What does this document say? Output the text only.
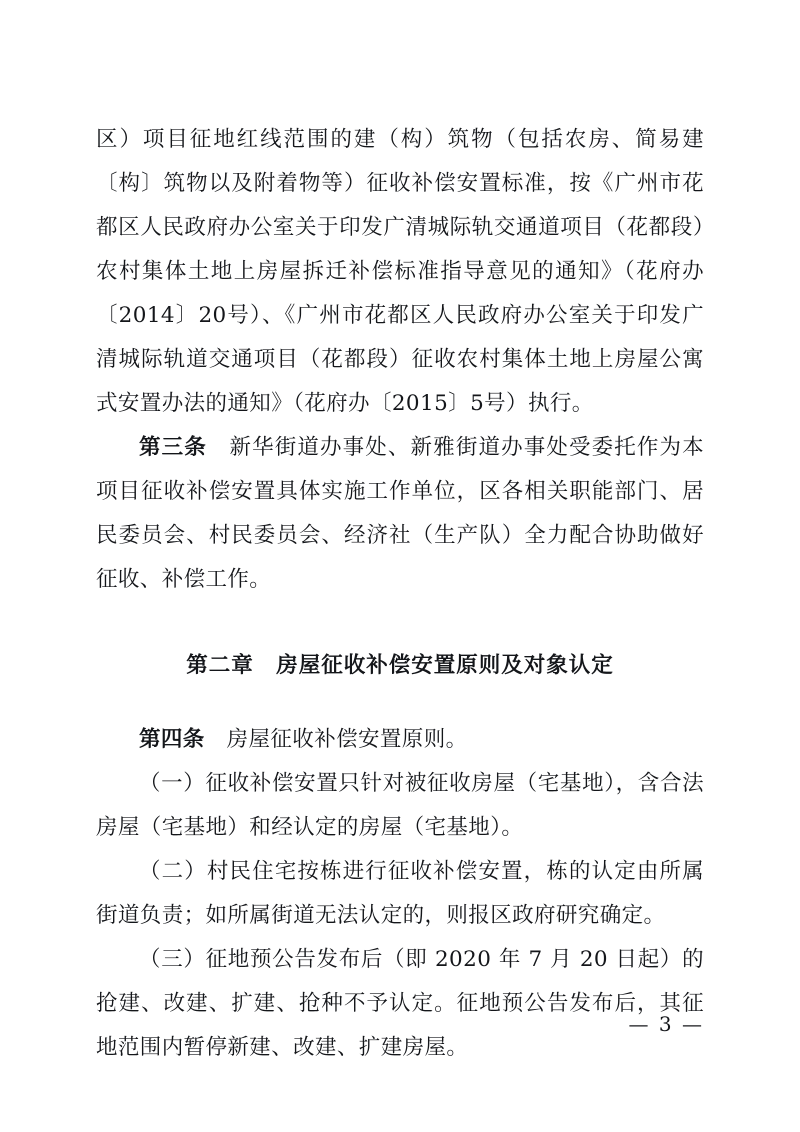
区）项目征地红线范围的建（构）筑物（包括农房、简易建〔构〕筑物以及附着物等）征收补偿安置标准，按《广州市花都区人民政府办公室关于印发广清城际轨交通道项目（花都段）农村集体土地上房屋拆迁补偿标准指导意见的通知》（花府办〔2014〕20号）、《广州市花都区人民政府办公室关于印发广清城际轨道交通项目（花都段）征收农村集体土地上房屋公寓式安置办法的通知》（花府办〔2015〕5号）执行。

第三条　 新华街道办事处、新雅街道办事处受委托作为本项目征收补偿安置具体实施工作单位，区各相关职能部门、居民委员会、村民委员会、经济社（生产队）全力配合协助做好征收、补偿工作。

第二章　房屋征收补偿安置原则及对象认定

第四条　 房屋征收补偿安置原则。

（一）征收补偿安置只针对被征收房屋（宅基地），含合法房屋（宅基地）和经认定的房屋（宅基地）。

（二）村民住宅按栋进行征收补偿安置，栋的认定由所属街道负责；如所属街道无法认定的，则报区政府研究确定。

（三）征地预公告发布后（即 2020 年 7 月 20 日起）的抢建、改建、扩建、抢种不予认定。征地预公告发布后，其征地范围内暂停新建、改建、扩建房屋。

— 3 —
